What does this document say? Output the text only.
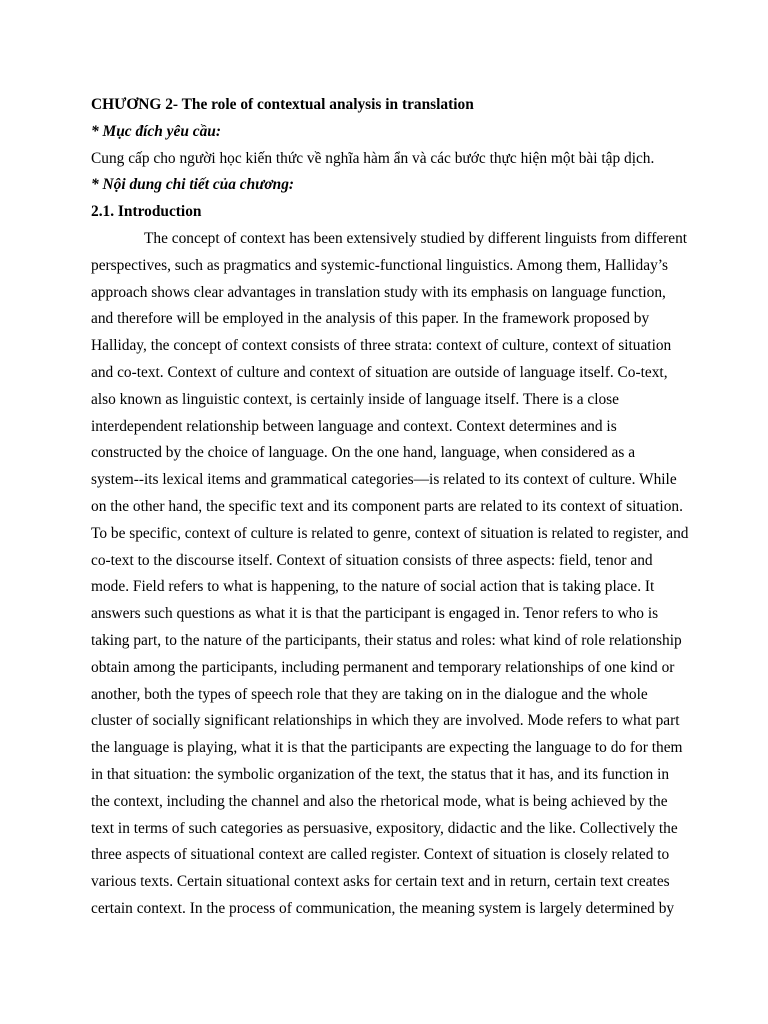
CHƯƠNG 2- The role of contextual analysis in translation
* Mục đích yêu cầu:
Cung cấp cho người học kiến thức về nghĩa hàm ẩn và các bước thực hiện một bài tập dịch.
* Nội dung chi tiết của chương:
2.1. Introduction
The concept of context has been extensively studied by different linguists from different
perspectives, such as pragmatics and systemic-functional linguistics. Among them, Halliday’s
approach shows clear advantages in translation study with its emphasis on language function,
and therefore will be employed in the analysis of this paper. In the framework proposed by
Halliday, the concept of context consists of three strata: context of culture, context of situation
and co-text. Context of culture and context of situation are outside of language itself. Co-text,
also known as linguistic context, is certainly inside of language itself. There is a close
interdependent relationship between language and context. Context determines and is
constructed by the choice of language. On the one hand, language, when considered as a
system--its lexical items and grammatical categories—is related to its context of culture. While
on the other hand, the specific text and its component parts are related to its context of situation.
To be specific, context of culture is related to genre, context of situation is related to register, and
co-text to the discourse itself. Context of situation consists of three aspects: field, tenor and
mode. Field refers to what is happening, to the nature of social action that is taking place. It
answers such questions as what it is that the participant is engaged in. Tenor refers to who is
taking part, to the nature of the participants, their status and roles: what kind of role relationship
obtain among the participants, including permanent and temporary relationships of one kind or
another, both the types of speech role that they are taking on in the dialogue and the whole
cluster of socially significant relationships in which they are involved. Mode refers to what part
the language is playing, what it is that the participants are expecting the language to do for them
in that situation: the symbolic organization of the text, the status that it has, and its function in
the context, including the channel and also the rhetorical mode, what is being achieved by the
text in terms of such categories as persuasive, expository, didactic and the like. Collectively the
three aspects of situational context are called register. Context of situation is closely related to
various texts. Certain situational context asks for certain text and in return, certain text creates
certain context. In the process of communication, the meaning system is largely determined by
